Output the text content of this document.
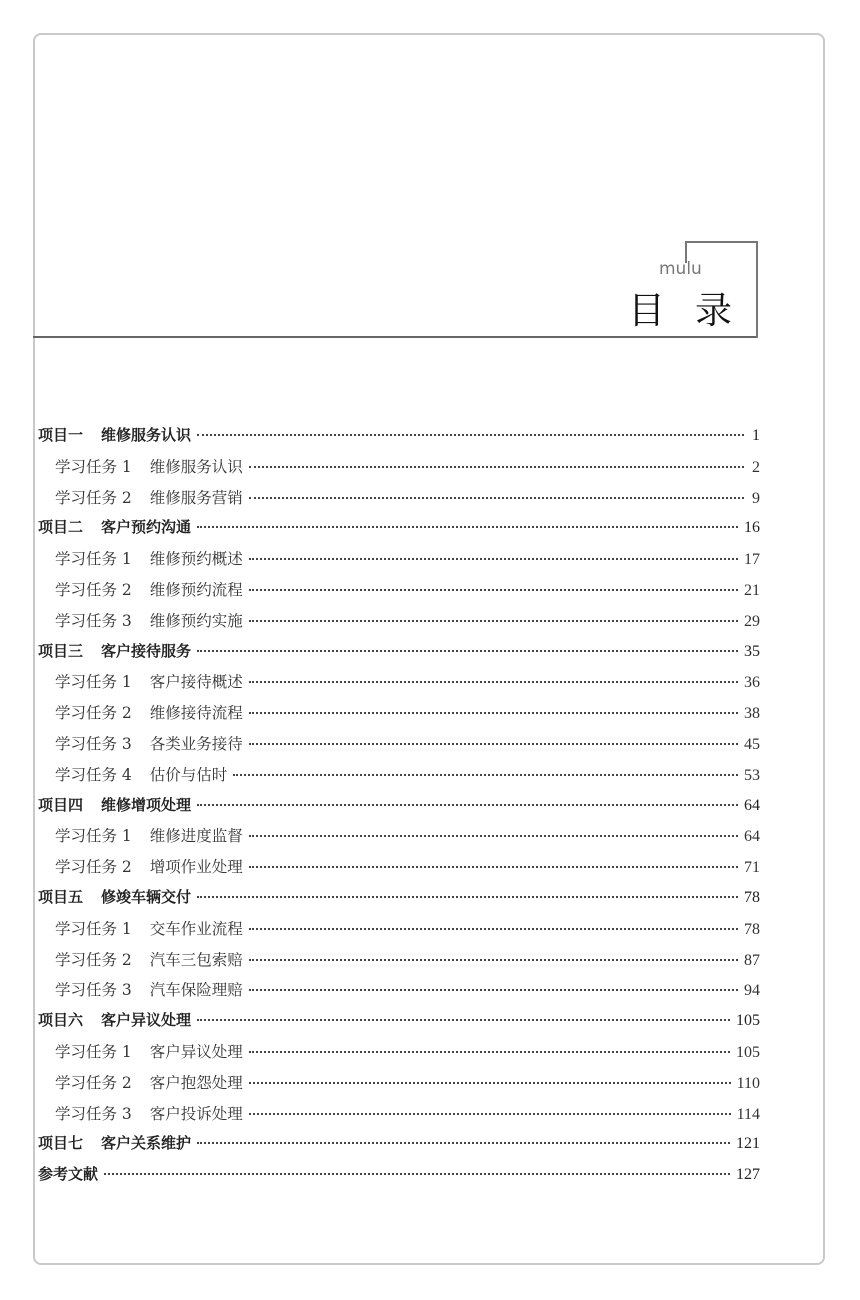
mulu
目录
项目一 维修服务认识	1
学习任务 1 维修服务认识	2
学习任务 2 维修服务营销	9
项目二 客户预约沟通	16
学习任务 1 维修预约概述	17
学习任务 2 维修预约流程	21
学习任务 3 维修预约实施	29
项目三 客户接待服务	35
学习任务 1 客户接待概述	36
学习任务 2 维修接待流程	38
学习任务 3 各类业务接待	45
学习任务 4 估价与估时	53
项目四 维修增项处理	64
学习任务 1 维修进度监督	64
学习任务 2 增项作业处理	71
项目五 修竣车辆交付	78
学习任务 1 交车作业流程	78
学习任务 2 汽车三包索赔	87
学习任务 3 汽车保险理赔	94
项目六 客户异议处理	105
学习任务 1 客户异议处理	105
学习任务 2 客户抱怨处理	110
学习任务 3 客户投诉处理	114
项目七 客户关系维护	121
参考文献	127
